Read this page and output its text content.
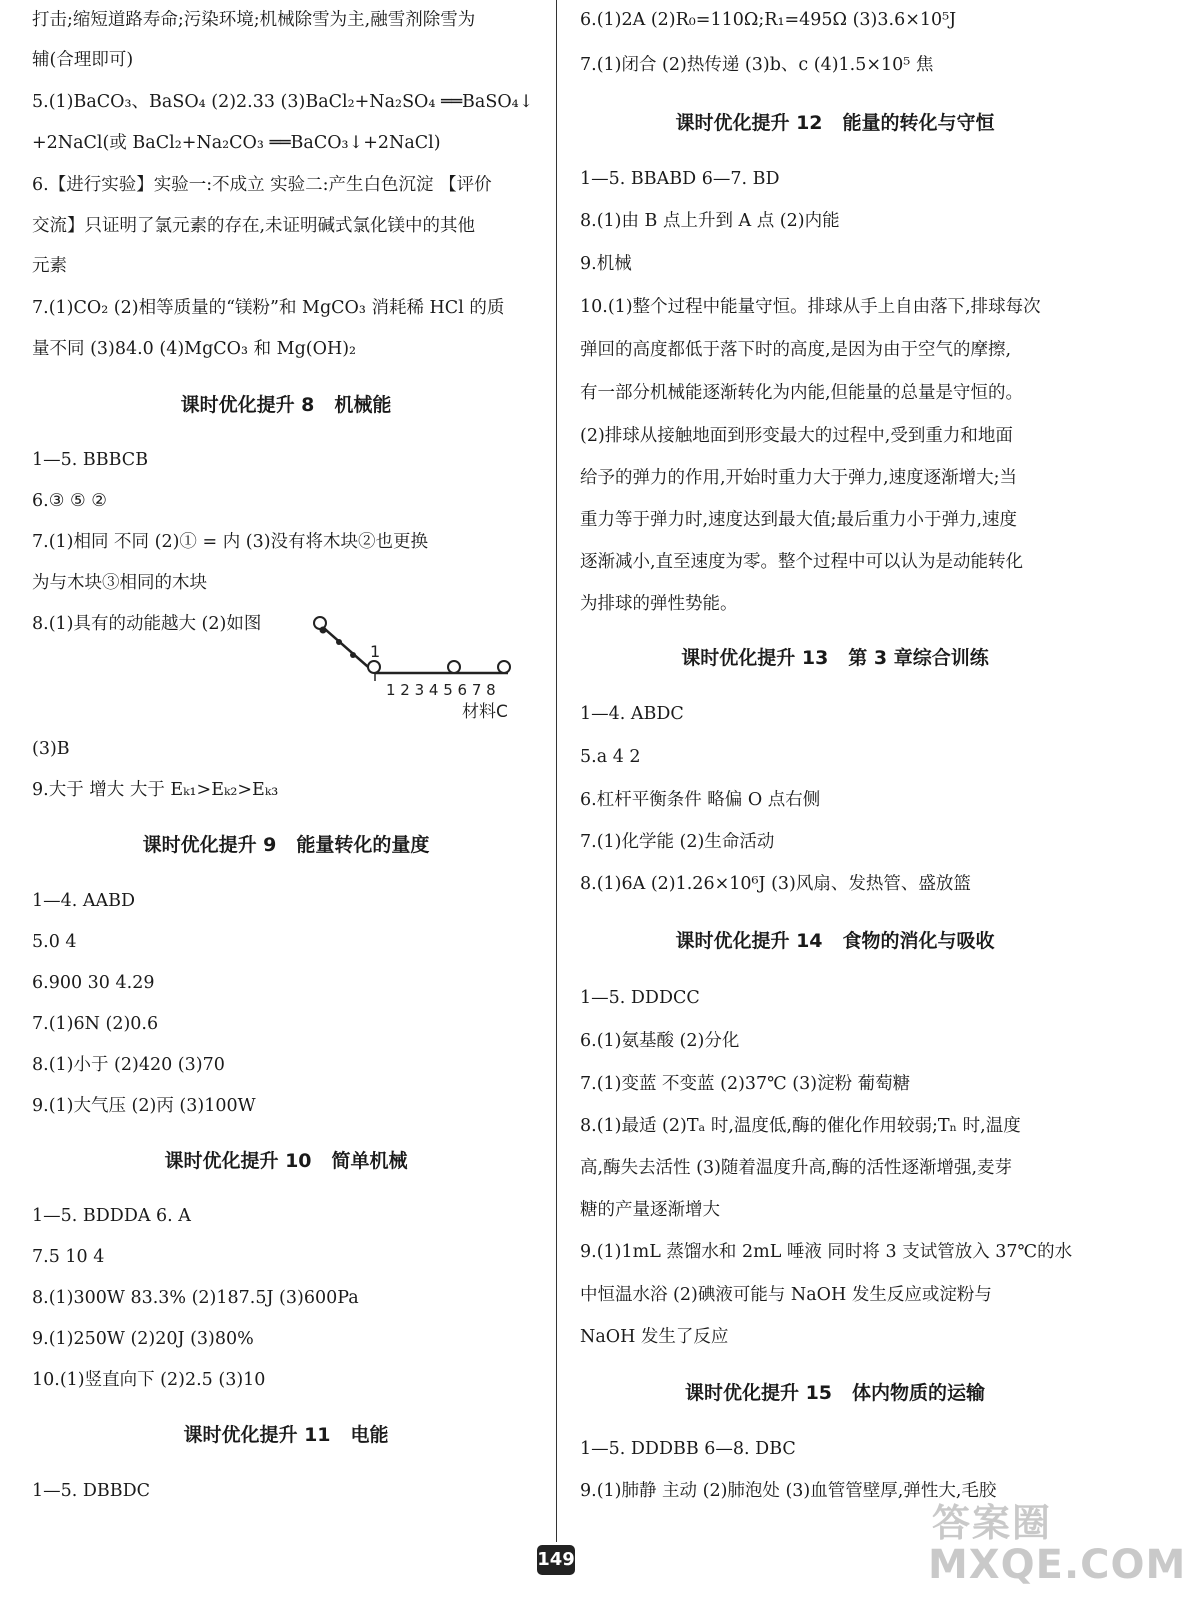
打击;缩短道路寿命;污染环境;机械除雪为主,融雪剂除雪为
辅(合理即可)
5.(1)BaCO₃、BaSO₄ (2)2.33 (3)BaCl₂+Na₂SO₄ ══BaSO₄↓
+2NaCl(或 BaCl₂+Na₂CO₃ ══BaCO₃↓+2NaCl)
6.【进行实验】实验一:不成立 实验二:产生白色沉淀 【评价
交流】只证明了氯元素的存在,未证明碱式氯化镁中的其他
元素
7.(1)CO₂ (2)相等质量的“镁粉”和 MgCO₃ 消耗稀 HCl 的质
量不同 (3)84.0 (4)MgCO₃ 和 Mg(OH)₂
课时优化提升 8 机械能
1—5. BBBCB
6.③ ⑤ ②
7.(1)相同 不同 (2)① = 内 (3)没有将木块②也更换
为与木块③相同的木块
8.(1)具有的动能越大 (2)如图
(3)B
9.大于 增大 大于 Eₖ₁>Eₖ₂>Eₖ₃
课时优化提升 9 能量转化的量度
1—4. AABD
5.0 4
6.900 30 4.29
7.(1)6N (2)0.6
8.(1)小于 (2)420 (3)70
9.(1)大气压 (2)丙 (3)100W
课时优化提升 10 简单机械
1—5. BDDDA 6. A
7.5 10 4
8.(1)300W 83.3% (2)187.5J (3)600Pa
9.(1)250W (2)20J (3)80%
10.(1)竖直向下 (2)2.5 (3)10
课时优化提升 11 电能
1—5. DBBDC
1
1 2 3 4 5 6 7 8
材料C
6.(1)2A (2)R₀=110Ω;R₁=495Ω (3)3.6×10⁵J
7.(1)闭合 (2)热传递 (3)b、c (4)1.5×10⁵ 焦
课时优化提升 12 能量的转化与守恒
1—5. BBABD 6—7. BD
8.(1)由 B 点上升到 A 点 (2)内能
9.机械
10.(1)整个过程中能量守恒。排球从手上自由落下,排球每次
弹回的高度都低于落下时的高度,是因为由于空气的摩擦,
有一部分机械能逐渐转化为内能,但能量的总量是守恒的。
(2)排球从接触地面到形变最大的过程中,受到重力和地面
给予的弹力的作用,开始时重力大于弹力,速度逐渐增大;当
重力等于弹力时,速度达到最大值;最后重力小于弹力,速度
逐渐减小,直至速度为零。整个过程中可以认为是动能转化
为排球的弹性势能。
课时优化提升 13 第 3 章综合训练
1—4. ABDC
5.a 4 2
6.杠杆平衡条件 略偏 O 点右侧
7.(1)化学能 (2)生命活动
8.(1)6A (2)1.26×10⁶J (3)风扇、发热管、盛放篮
课时优化提升 14 食物的消化与吸收
1—5. DDDCC
6.(1)氨基酸 (2)分化
7.(1)变蓝 不变蓝 (2)37℃ (3)淀粉 葡萄糖
8.(1)最适 (2)Tₐ 时,温度低,酶的催化作用较弱;Tₙ 时,温度
高,酶失去活性 (3)随着温度升高,酶的活性逐渐增强,麦芽
糖的产量逐渐增大
9.(1)1mL 蒸馏水和 2mL 唾液 同时将 3 支试管放入 37℃的水
中恒温水浴 (2)碘液可能与 NaOH 发生反应或淀粉与
NaOH 发生了反应
课时优化提升 15 体内物质的运输
1—5. DDDBB 6—8. DBC
9.(1)肺静 主动 (2)肺泡处 (3)血管管壁厚,弹性大,毛胶
149
答案圈
MXQE.COM
